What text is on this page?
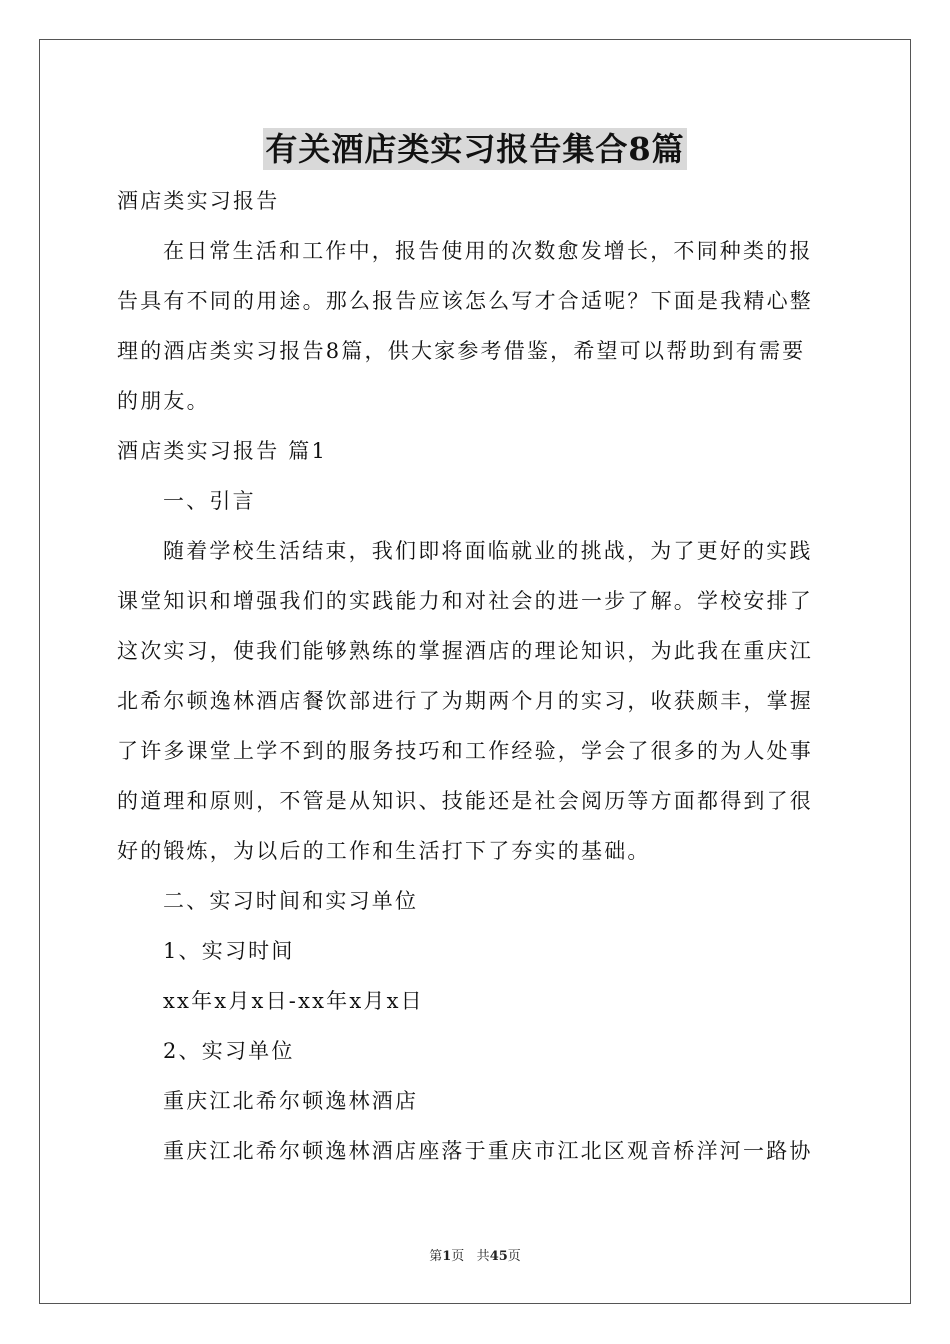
有关酒店类实习报告集合8篇
酒店类实习报告
在日常生活和工作中，报告使用的次数愈发增长，不同种类的报
告具有不同的用途。那么报告应该怎么写才合适呢？下面是我精心整
理的酒店类实习报告8篇，供大家参考借鉴，希望可以帮助到有需要
的朋友。
酒店类实习报告 篇1
一、引言
随着学校生活结束，我们即将面临就业的挑战，为了更好的实践
课堂知识和增强我们的实践能力和对社会的进一步了解。学校安排了
这次实习，使我们能够熟练的掌握酒店的理论知识，为此我在重庆江
北希尔顿逸林酒店餐饮部进行了为期两个月的实习，收获颇丰，掌握
了许多课堂上学不到的服务技巧和工作经验，学会了很多的为人处事
的道理和原则，不管是从知识、技能还是社会阅历等方面都得到了很
好的锻炼，为以后的工作和生活打下了夯实的基础。
二、实习时间和实习单位
1、实习时间
xx年x月x日-xx年x月x日
2、实习单位
重庆江北希尔顿逸林酒店
重庆江北希尔顿逸林酒店座落于重庆市江北区观音桥洋河一路协
第1页 共45页
